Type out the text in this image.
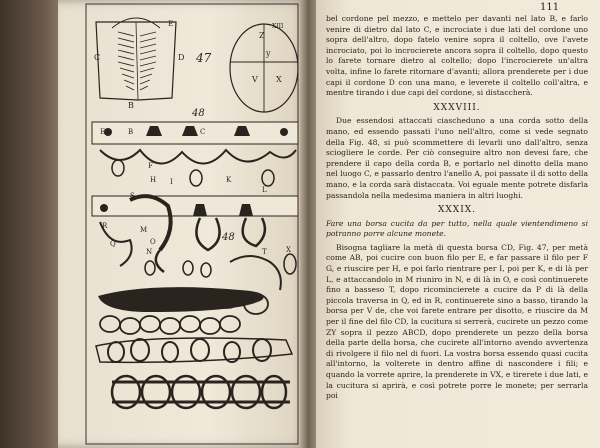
C	D
B
E
47
Z
y
V X
XIII
48
E	B A	C	D
F
H I	K
L
S
R
Q
M
O
N	T	X
48
111

bel cordone pel mezzo, e mettelo per davanti nel lato B, e farlo venire di dietro dal lato C, e incrociate i due lati del cordone uno sopra dell'altro, dopo fatelo venire sopra il coltello, ove l'avete incrociato, poi lo incrocierete ancora sopra il coltello, dopo questo lo farete tornare dietro al coltello; dopo l'incrocierete un'altra volta, infine lo farete ritornare d'avanti; allora prenderete per i due capi il cordone D con una mano, e leverete il coltello coll'altra, e mentre tirando i due capi del cordone, si distaccherà.

XXXVIII.

Due essendosi attaccati ciascheduno a una corda sotto della mano, ed essendo passati l'uno nell'altro, come si vede segnato della Fig. 48, si può scommettere di levarli uno dall'altro, senza sciogliere le corde. Per ciò conseguire altro non devesi fare, che prendere il capo della corda B, e portarlo nel dinotto della mano nel luogo C, e passarlo dentro l'anello A, poi passate il di sotto della mano, e la corda sarà distaccata. Voi eguale mente potrete disfarla passandola nella medesima maniera in altri luoghi.

XXXIX.

Fare una borsa cucita da per tutto, nella quale vientendimeno si potranno porre alcune monete.

Bisogna tagliare la metà di questa borsa CD, Fig. 47, per metà come AB, poi cucire con buon filo per E, e far passare il filo per F G, e riuscire per H, e poi farlo rientrare per I, poi per K, e di là per L, e attaccandolo in M riuniro in N, e di là in O, e così continuerete fino a basseso T, dopo ricomincierete a cucire da P di là della piccola traversa in Q, ed in R, continuerete sino a basso, tirando la borsa per V de, che voi farete entrare per disotto, e riuscire da M per il fine del filo CD, la cucitura si serrerà, cucirete un pezzo come ZY sopra il pezzo ABCD, dopo prenderete un pezzo della borsa della parte della borsa, che cucirete all'intorno avendo avvertenza di rivolgere il filo nel di fuori. La vostra borsa essendo quasi cucita all'intorno, la volterete in dentro affine di nascondere i fili; e quando la vorrete aprire, la prenderete in VX, e tirerete i due lati, e la cucitura si aprirà, e così potrete porre le monete; per serrarla poi
